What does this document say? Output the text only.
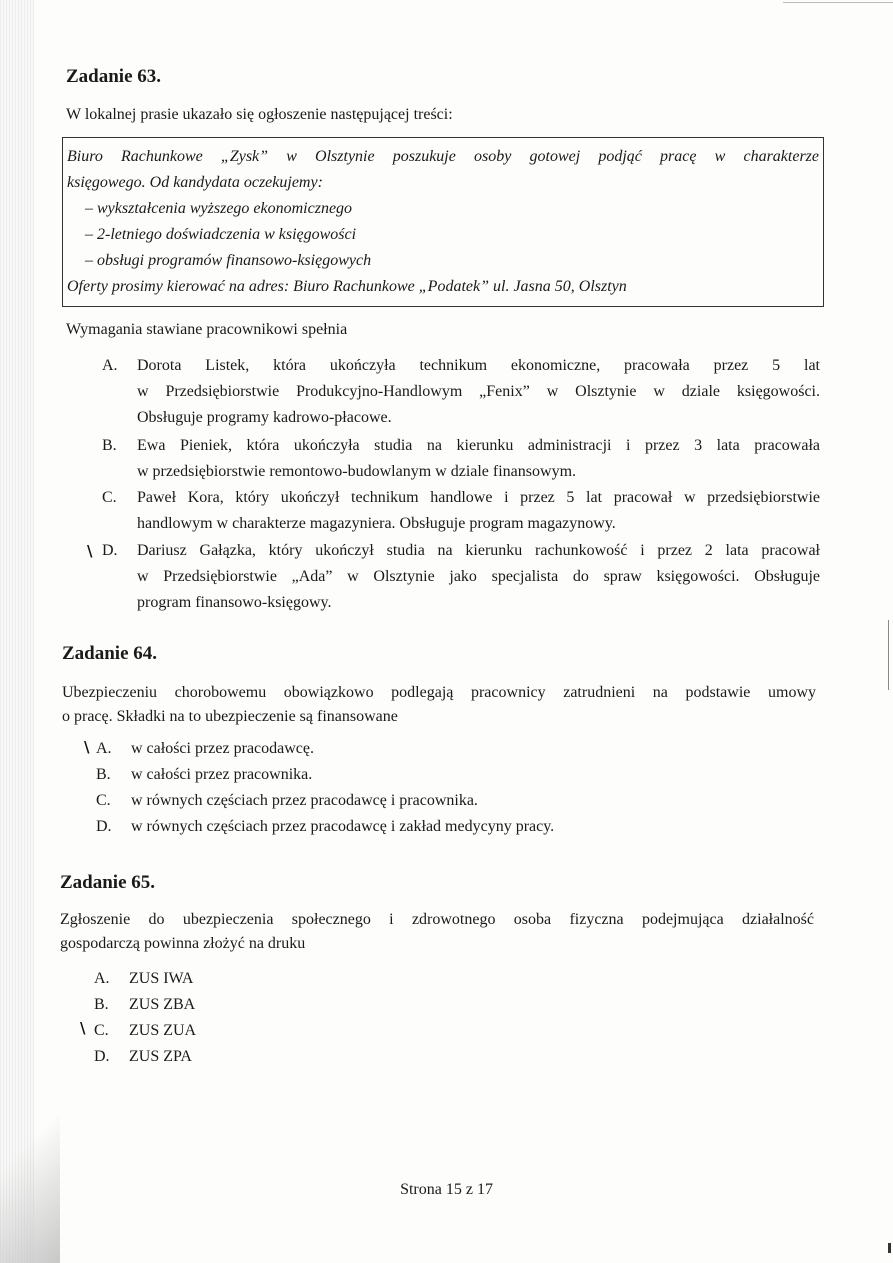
Zadanie 63.

W lokalnej prasie ukazało się ogłoszenie następującej treści:

Biuro Rachunkowe „Zysk” w Olsztynie poszukuje osoby gotowej podjąć pracę w charakterze
księgowego. Od kandydata oczekujemy:
– wykształcenia wyższego ekonomicznego
– 2-letniego doświadczenia w księgowości
– obsługi programów finansowo-księgowych
Oferty prosimy kierować na adres: Biuro Rachunkowe „Podatek” ul. Jasna 50, Olsztyn

Wymagania stawiane pracownikowi spełnia

A. Dorota Listek, która ukończyła technikum ekonomiczne, pracowała przez 5 lat
w Przedsiębiorstwie Produkcyjno-Handlowym „Fenix” w Olsztynie w dziale księgowości.
Obsługuje programy kadrowo-płacowe.
B. Ewa Pieniek, która ukończyła studia na kierunku administracji i przez 3 lata pracowała
w przedsiębiorstwie remontowo-budowlanym w dziale finansowym.
C. Paweł Kora, który ukończył technikum handlowe i przez 5 lat pracował w przedsiębiorstwie
handlowym w charakterze magazyniera. Obsługuje program magazynowy.
\ D. Dariusz Gałązka, który ukończył studia na kierunku rachunkowość i przez 2 lata pracował
w Przedsiębiorstwie „Ada” w Olsztynie jako specjalista do spraw księgowości. Obsługuje
program finansowo-księgowy.
Zadanie 64.

Ubezpieczeniu chorobowemu obowiązkowo podlegają pracownicy zatrudnieni na podstawie umowy

o pracę. Składki na to ubezpieczenie są finansowane

\ A. w całości przez pracodawcę.
B. w całości przez pracownika.
C. w równych częściach przez pracodawcę i pracownika.
D. w równych częściach przez pracodawcę i zakład medycyny pracy.
Zadanie 65.

Zgłoszenie do ubezpieczenia społecznego i zdrowotnego osoba fizyczna podejmująca działalność

gospodarczą powinna złożyć na druku

A. ZUS IWA
B. ZUS ZBA
\ C. ZUS ZUA
D. ZUS ZPA
Strona 15 z 17
